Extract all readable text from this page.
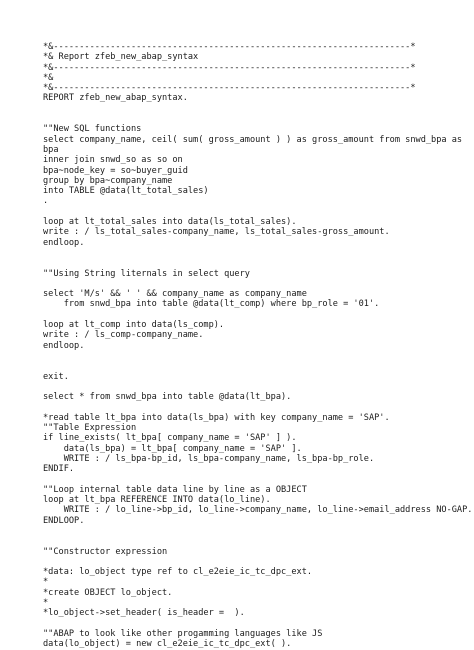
*&---------------------------------------------------------------------*
*& Report zfeb_new_abap_syntax
*&---------------------------------------------------------------------*
*&
*&---------------------------------------------------------------------*
REPORT zfeb_new_abap_syntax.
""New SQL functions
select company_name, ceil( sum( gross_amount ) ) as gross_amount from snwd_bpa as
bpa
inner join snwd_so as so on
bpa~node_key = so~buyer_guid
group by bpa~company_name
into TABLE @data(lt_total_sales)
.
loop at lt_total_sales into data(ls_total_sales).
write : / ls_total_sales-company_name, ls_total_sales-gross_amount.
endloop.
""Using String liternals in select query
select 'M/s' && ' ' && company_name as company_name
from snwd_bpa into table @data(lt_comp) where bp_role = '01'.
loop at lt_comp into data(ls_comp).
write : / ls_comp-company_name.
endloop.
exit.
select * from snwd_bpa into table @data(lt_bpa).
*read table lt_bpa into data(ls_bpa) with key company_name = 'SAP'.
""Table Expression
if line_exists( lt_bpa[ company_name = 'SAP' ] ).
data(ls_bpa) = lt_bpa[ company_name = 'SAP' ].
WRITE : / ls_bpa-bp_id, ls_bpa-company_name, ls_bpa-bp_role.
ENDIF.
""Loop internal table data line by line as a OBJECT
loop at lt_bpa REFERENCE INTO data(lo_line).
WRITE : / lo_line->bp_id, lo_line->company_name, lo_line->email_address NO-GAP.
ENDLOOP.
""Constructor expression
*data: lo_object type ref to cl_e2eie_ic_tc_dpc_ext.
*
*create OBJECT lo_object.
*
*lo_object->set_header( is_header =  ).
""ABAP to look like other progamming languages like JS
data(lo_object) = new cl_e2eie_ic_tc_dpc_ext( ).
